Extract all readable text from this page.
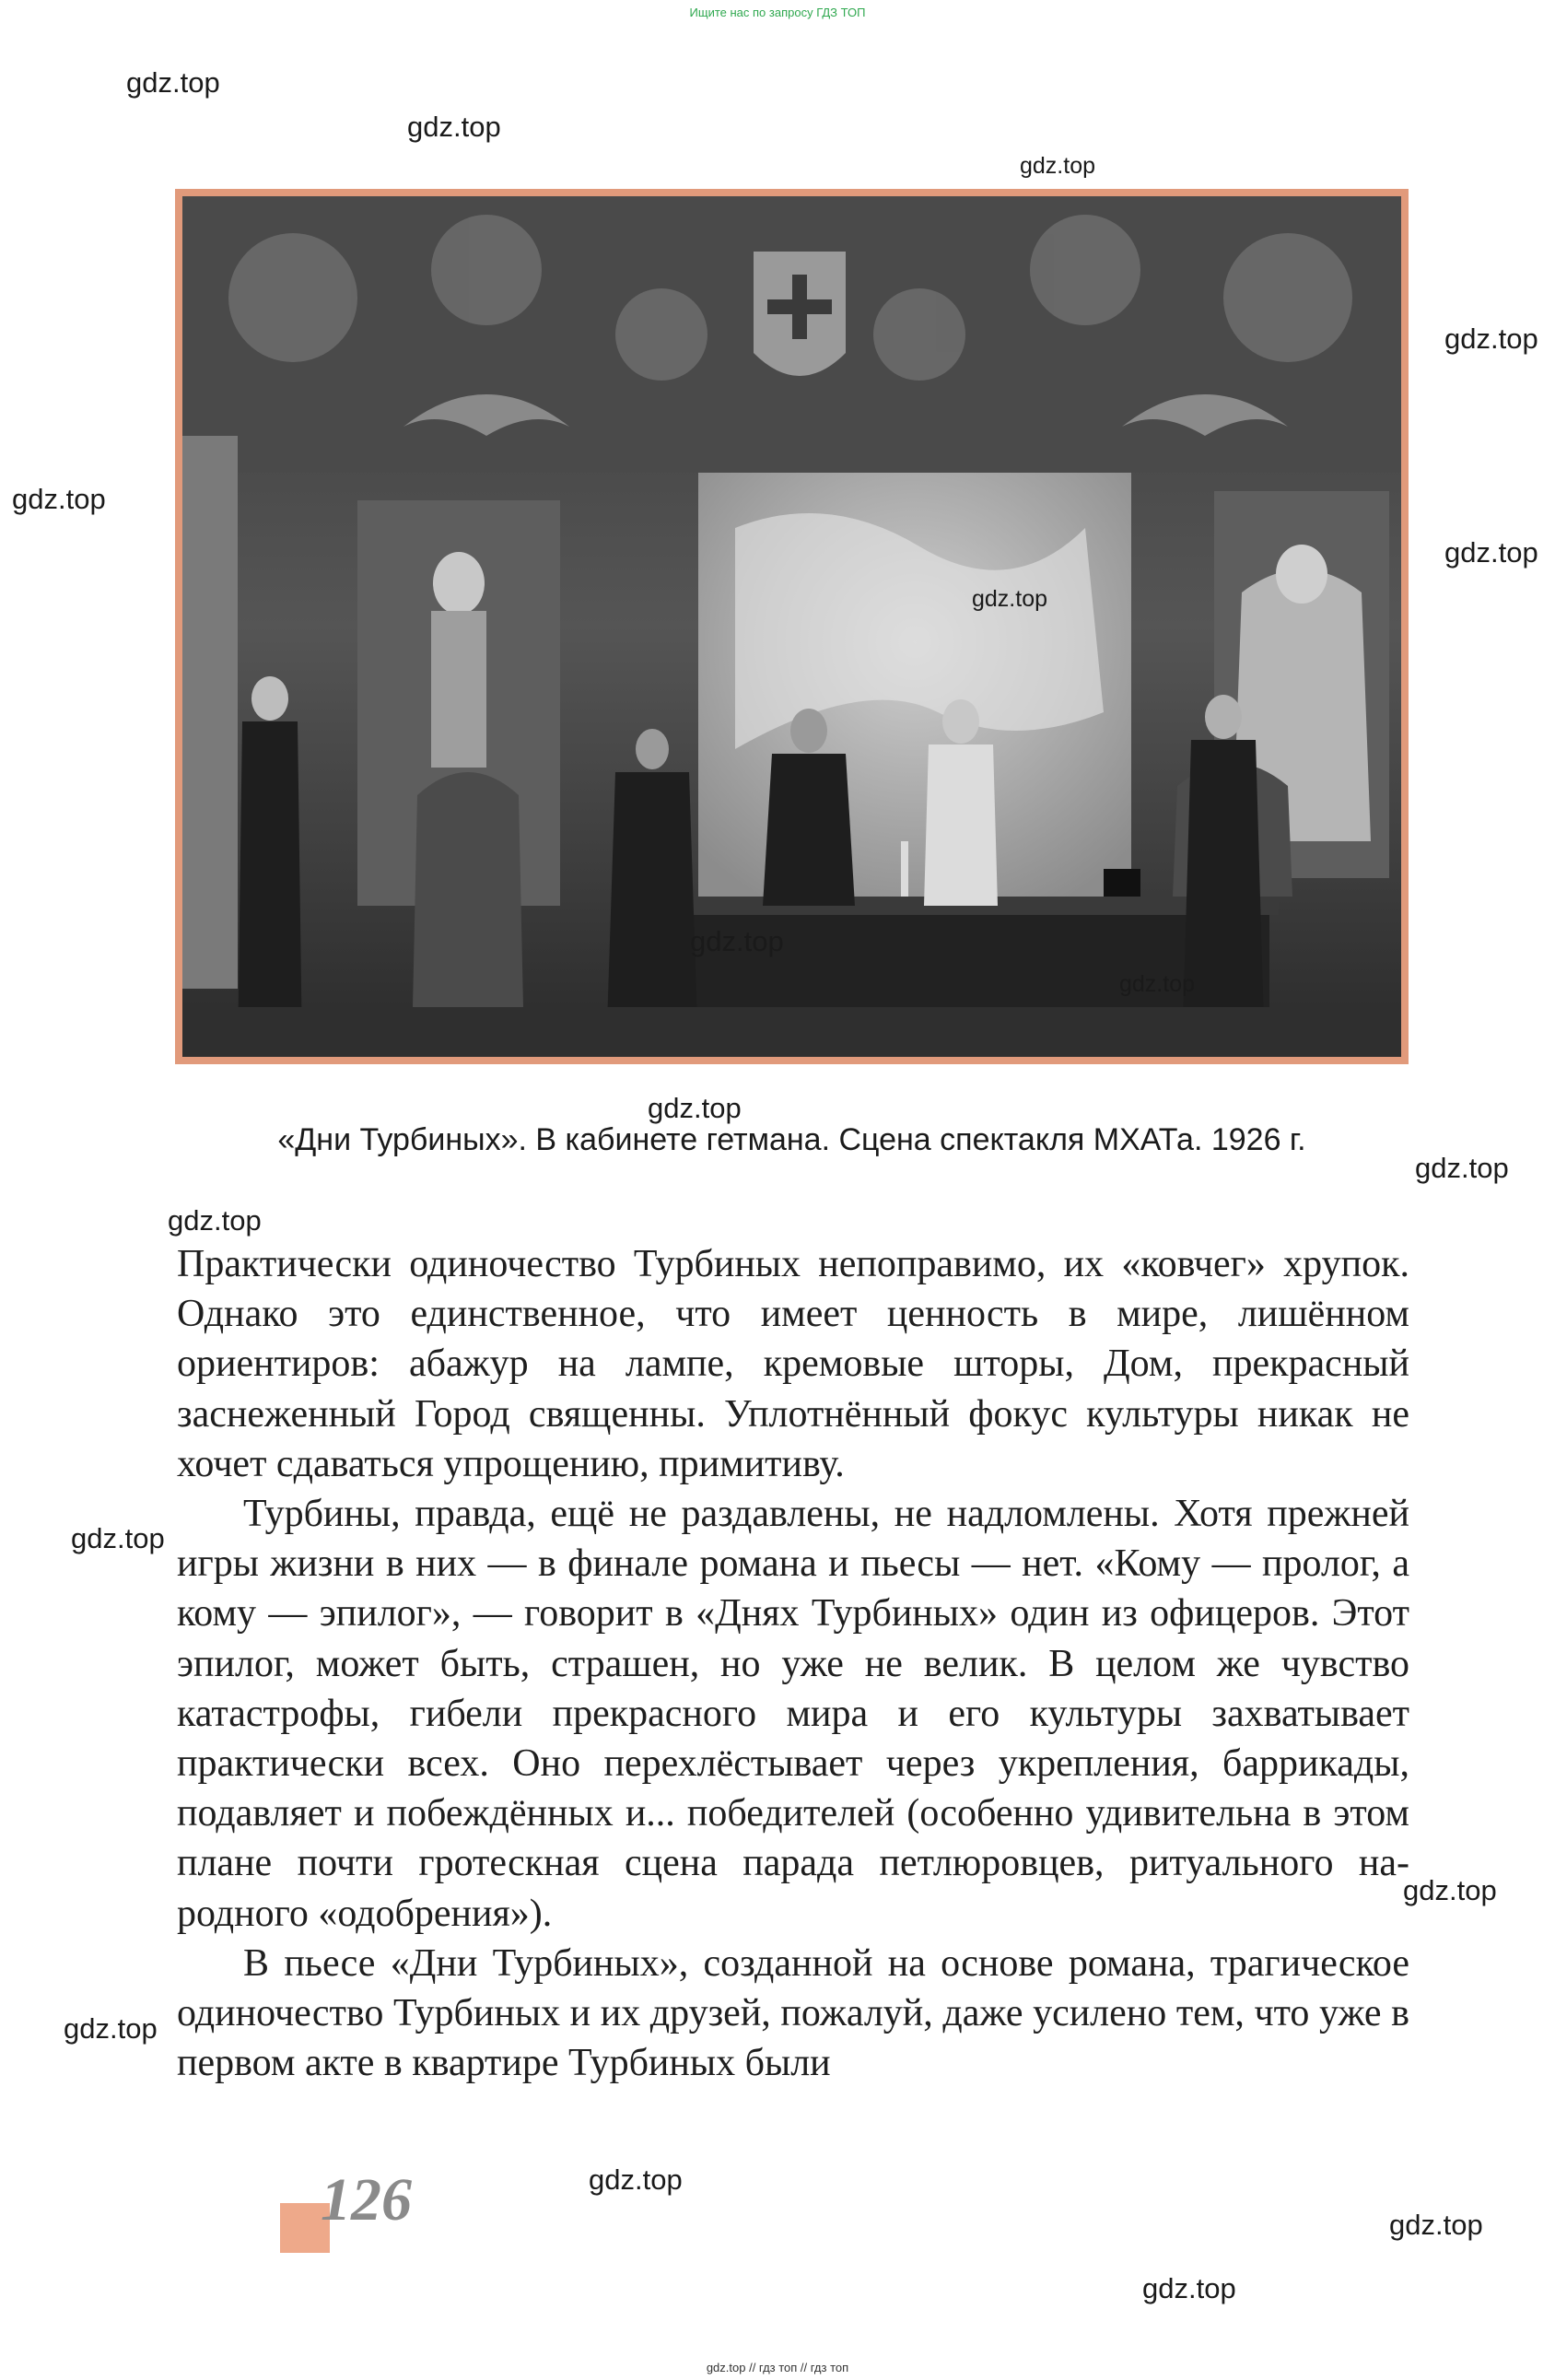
Ищите нас по запросу ГДЗ ТОП
gdz.top
gdz.top
gdz.top
gdz.top
gdz.top
gdz.top
gdz.top
gdz.top
gdz.top
gdz.top
gdz.top
gdz.top
gdz.top
gdz.top
gdz.top
gdz.top
gdz.top
gdz.top
«Дни Турбиных». В кабинете гетмана. Сцена спектакля МХАТа. 1926 г.

Практически одиночество Турбиных непоправимо, их «ковчег» хрупок. Однако это единственное, что имеет ценность в мире, лишённом ориентиров: абажур на лампе, кремовые шторы, Дом, прекрасный заснеженный Город священны. Уплотнённый фокус культуры никак не хочет сдаваться упрощению, примитиву.

Турбины, правда, ещё не раздавлены, не надломлены. Хотя прежней игры жизни в них — в финале романа и пьесы — нет. «Кому — пролог, а кому — эпилог», — говорит в «Днях Турбиных» один из офицеров. Этот эпилог, может быть, страшен, но уже не велик. В целом же чувство катастрофы, гибели прекрасного мира и его культуры захватывает практически всех. Оно перехлёстывает через укрепления, баррикады, подавляет и побеждённых и... победителей (особенно удивительна в этом плане почти гротескная сцена парада петлюровцев, ритуального народного «одобрения»).

В пьесе «Дни Турбиных», созданной на основе романа, трагическое одиночество Турбиных и их друзей, пожалуй, даже усилено тем, что уже в первом акте в квартире Турбиных были

126
gdz.top // гдз топ // гдз топ
